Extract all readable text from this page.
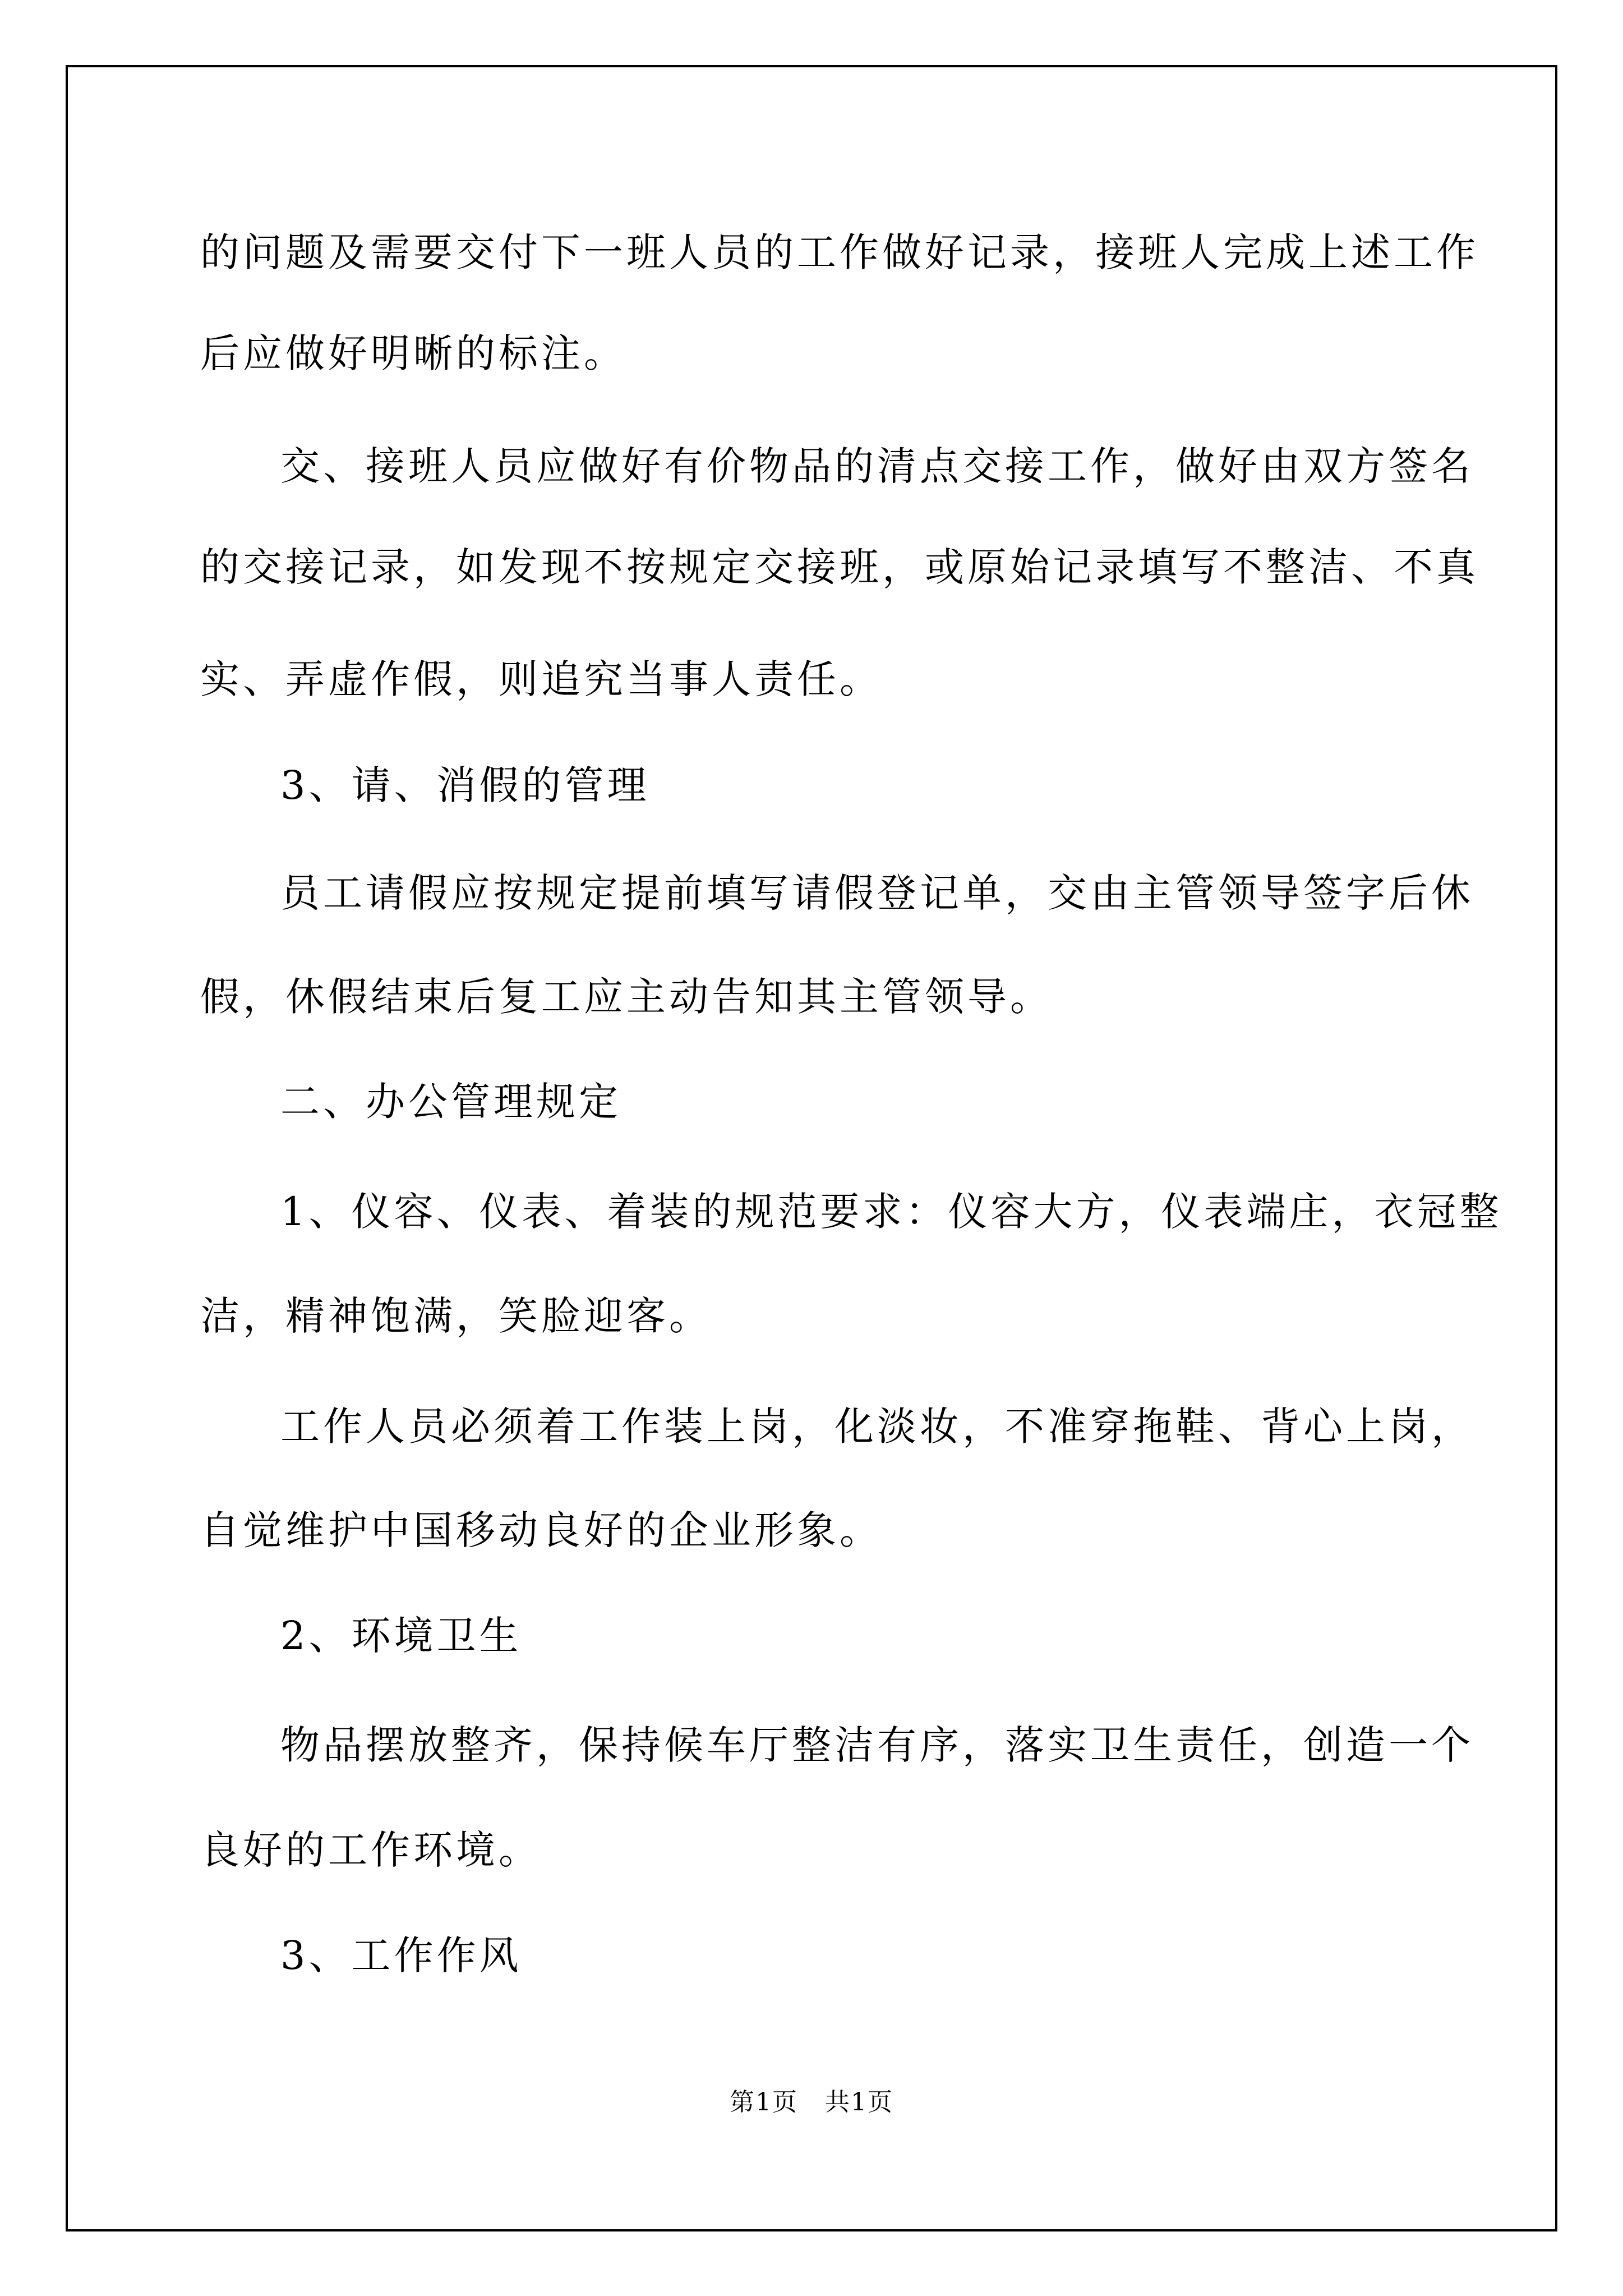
的问题及需要交付下一班人员的工作做好记录，接班人完成上述工作

后应做好明晰的标注。

交、接班人员应做好有价物品的清点交接工作，做好由双方签名

的交接记录，如发现不按规定交接班，或原始记录填写不整洁、不真

实、弄虚作假，则追究当事人责任。

3、请、消假的管理

员工请假应按规定提前填写请假登记单，交由主管领导签字后休

假，休假结束后复工应主动告知其主管领导。

二、办公管理规定

1、仪容、仪表、着装的规范要求：仪容大方，仪表端庄，衣冠整

洁，精神饱满，笑脸迎客。

工作人员必须着工作装上岗，化淡妆，不准穿拖鞋、背心上岗，

自觉维护中国移动良好的企业形象。

2、环境卫生

物品摆放整齐，保持候车厅整洁有序，落实卫生责任，创造一个

良好的工作环境。

3、工作作风

第1页   共1页
